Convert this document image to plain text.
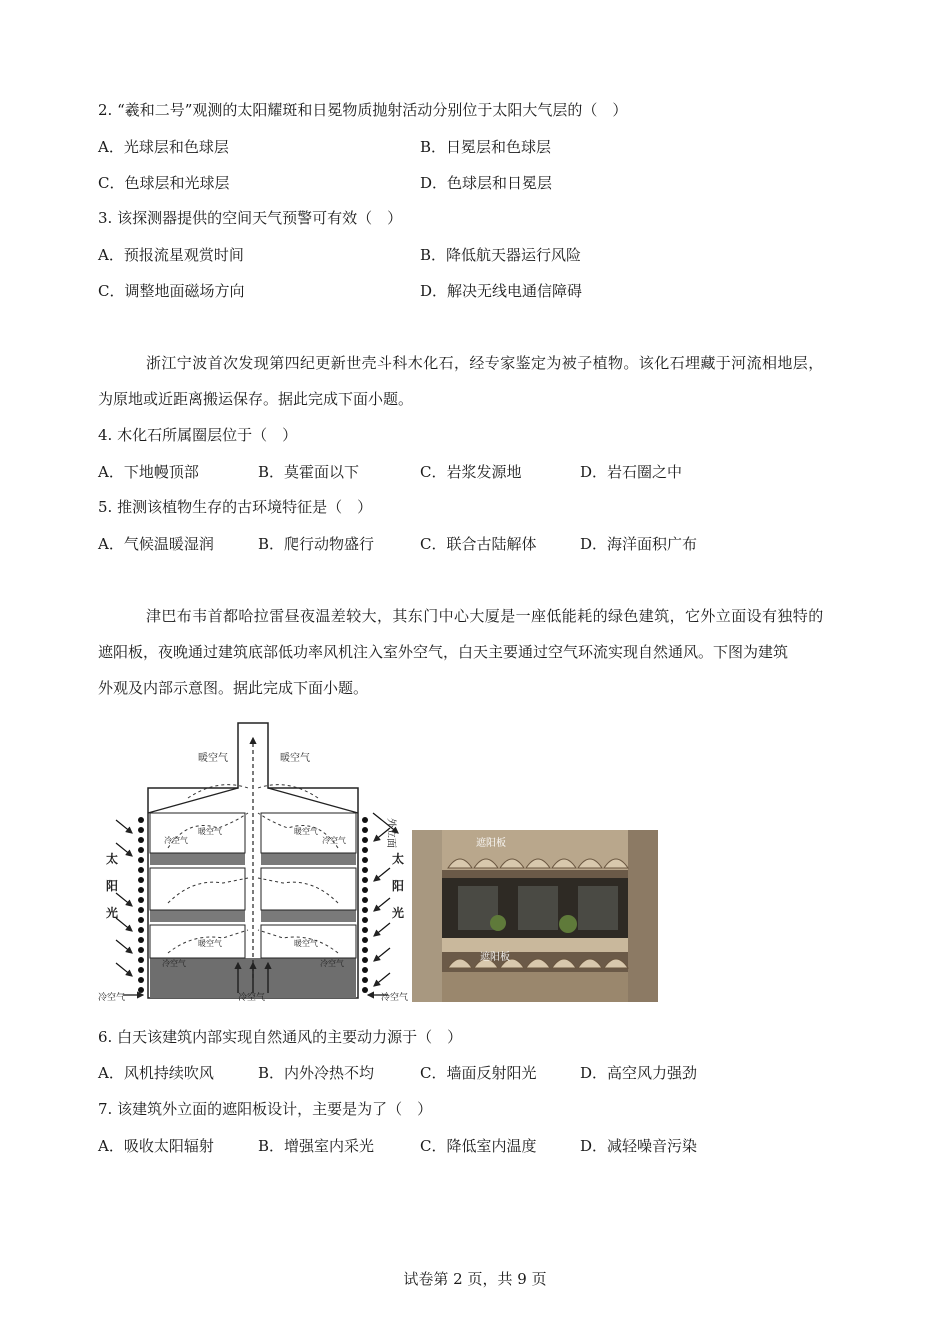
2. “羲和二号”观测的太阳耀斑和日冕物质抛射活动分别位于太阳大气层的（　）
A．光球层和色球层	B．日冕层和色球层
C．色球层和光球层	D．色球层和日冕层
3. 该探测器提供的空间天气预警可有效（　）
A．预报流星观赏时间	B．降低航天器运行风险
C．调整地面磁场方向	D．解决无线电通信障碍
浙江宁波首次发现第四纪更新世壳斗科木化石，经专家鉴定为被子植物。该化石埋藏于河流相地层，
为原地或近距离搬运保存。据此完成下面小题。
4. 木化石所属圈层位于（　）
A．下地幔顶部	B．莫霍面以下	C．岩浆发源地	D．岩石圈之中
5. 推测该植物生存的古环境特征是（　）
A．气候温暖湿润	B．爬行动物盛行	C．联合古陆解体	D．海洋面积广布
津巴布韦首都哈拉雷昼夜温差较大，其东门中心大厦是一座低能耗的绿色建筑，它外立面设有独特的
遮阳板，夜晚通过建筑底部低功率风机注入室外空气，白天主要通过空气环流实现自然通风。下图为建筑
外观及内部示意图。据此完成下面小题。
暖空气	暖空气
暖空气	暖空气
冷空气	冷空气
暖空气	暖空气
冷空气	冷空气
冷空气
冷空气	冷空气
太
阳
光
太
阳
光
外立面	遮阳板
遮阳板
6. 白天该建筑内部实现自然通风的主要动力源于（　）
A．风机持续吹风	B．内外冷热不均	C．墙面反射阳光	D．高空风力强劲
7. 该建筑外立面的遮阳板设计，主要是为了（　）
A．吸收太阳辐射	B．增强室内采光	C．降低室内温度	D．减轻噪音污染
试卷第 2 页，共 9 页
